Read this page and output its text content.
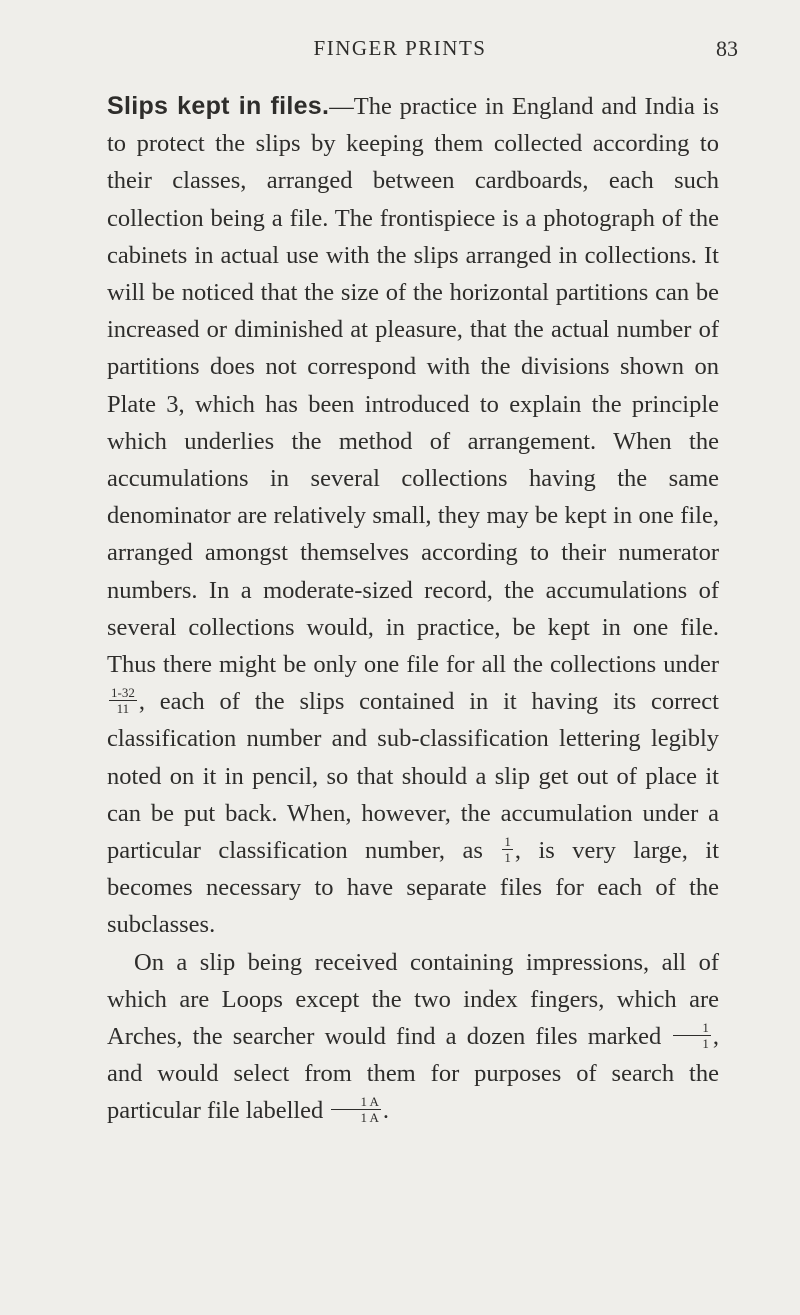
FINGER PRINTS	83

Slips kept in files.—The practice in England and India is to protect the slips by keeping them collected according to their classes, arranged between cardboards, each such collection being a file. The frontispiece is a photograph of the cabinets in actual use with the slips arranged in collections. It will be noticed that the size of the horizontal partitions can be increased or diminished at pleasure, that the actual number of partitions does not correspond with the divisions shown on Plate 3, which has been introduced to explain the principle which underlies the method of arrangement. When the accumulations in several collections having the same denominator are relatively small, they may be kept in one file, arranged amongst themselves according to their numerator numbers. In a moderate-sized record, the accumulations of several collections would, in practice, be kept in one file. Thus there might be only one file for all the collections under
$\frac{1-32}{11}$ , each of the slips contained in it having its correct classification number and sub-classification lettering legibly noted on it in pencil, so that should a slip get out of place it can be put back. When, however, the accumulation under a particular classification number, as $\frac{1}{1}$ , is very large, it becomes necessary to have separate files for each of the subclasses.

On a slip being received containing impressions, all of which are Loops except the two index fingers, which are Arches, the searcher would find a dozen files marked $\frac{1}{1}$ , and would select from them for purposes of search the particular file labelled $\frac{1 A}{1 A}$ .
